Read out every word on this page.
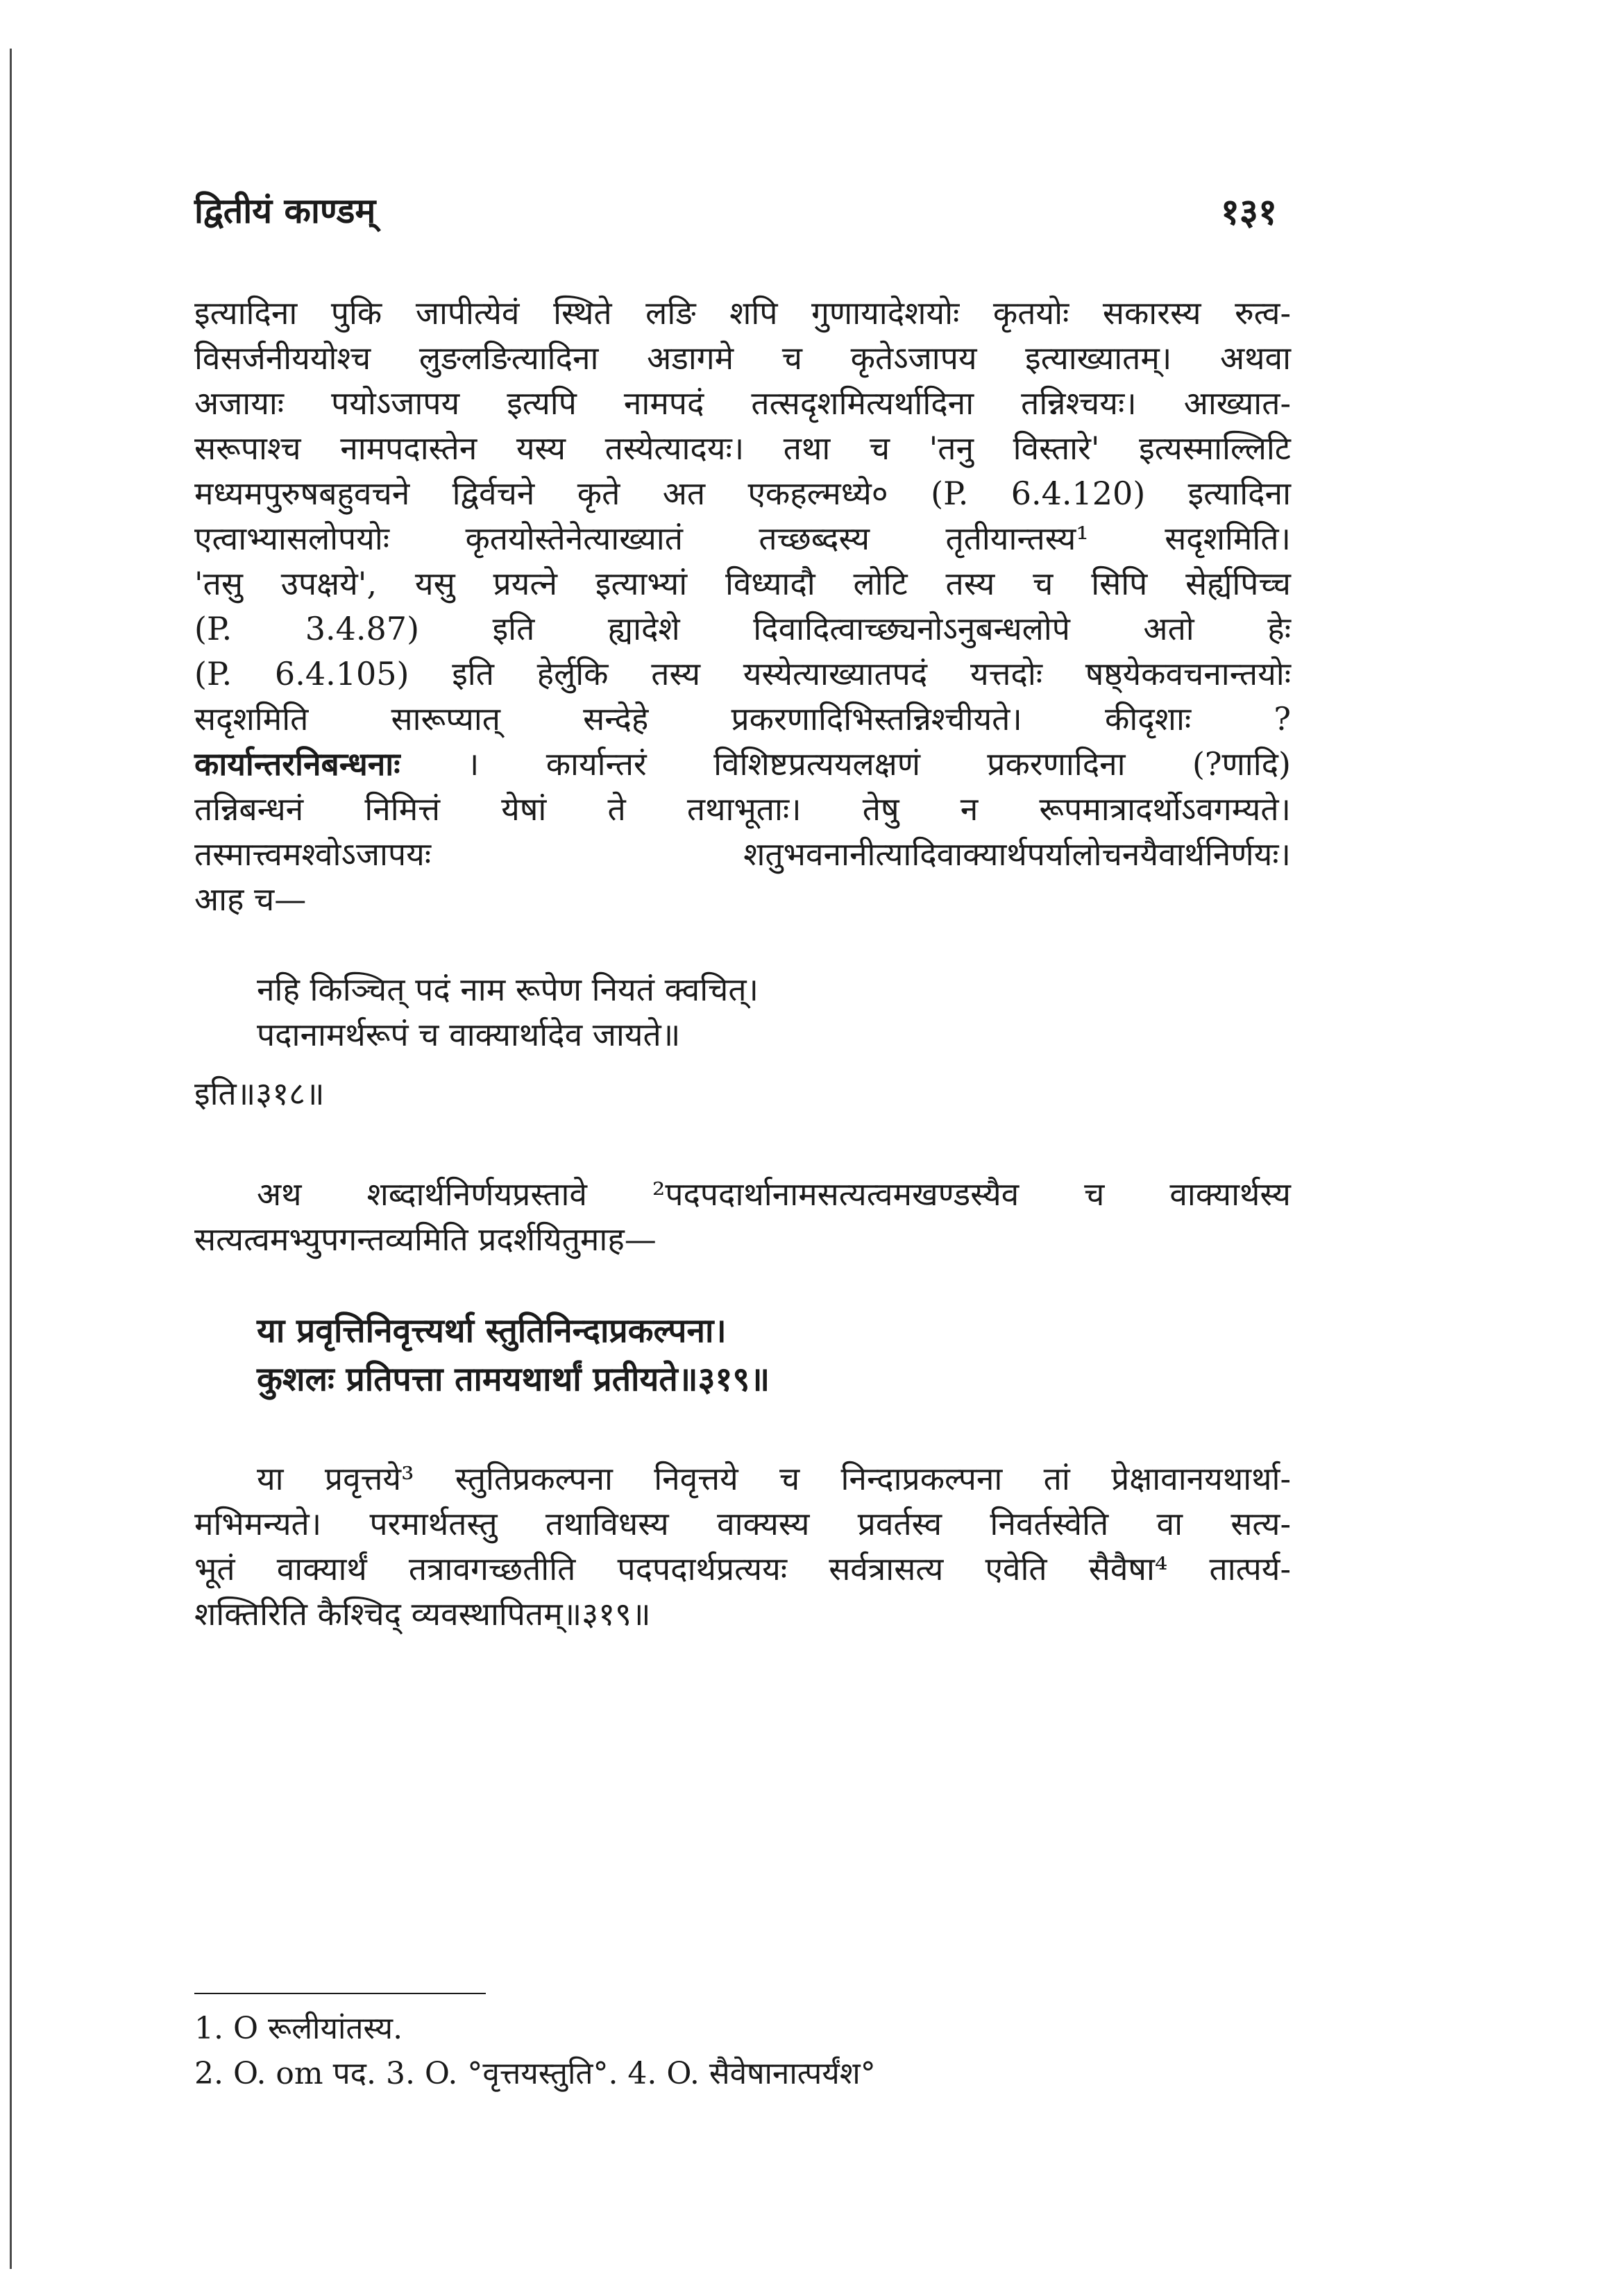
द्वितीयं काण्डम्	१३१
इत्यादिना पुकि जापीत्येवं स्थिते लङि शपि गुणायादेशयोः कृतयोः सकारस्य रुत्व-
विसर्जनीययोश्च लुङलङित्यादिना अडागमे च कृतेऽजापय इत्याख्यातम्। अथवा
अजायाः पयोऽजापय इत्यपि नामपदं तत्सदृशमित्यर्थादिना तन्निश्चयः। आख्यात-
सरूपाश्च नामपदास्तेन यस्य तस्येत्यादयः। तथा च 'तनु विस्तारे' इत्यस्माल्लिटि
मध्यमपुरुषबहुवचने द्विर्वचने कृते अत एकहल्मध्ये० (P. 6.4.120) इत्यादिना
एत्वाभ्यासलोपयोः कृतयोस्तेनेत्याख्यातं तच्छब्दस्य तृतीयान्तस्य¹ सदृशमिति।
'तसु उपक्षये', यसु प्रयत्ने इत्याभ्यां विध्यादौ लोटि तस्य च सिपि सेर्ह्यपिच्च
(P. 3.4.87) इति ह्यादेशे दिवादित्वाच्छ्यनोऽनुबन्धलोपे अतो हेः
(P. 6.4.105) इति हेर्लुकि तस्य यस्येत्याख्यातपदं यत्तदोः षष्ठ्येकवचनान्तयोः
सदृशमिति सारूप्यात् सन्देहे प्रकरणादिभिस्तन्निश्चीयते। कीदृशाः ?
कार्यान्तरनिबन्धनाः । कार्यान्तरं विशिष्टप्रत्ययलक्षणं प्रकरणादिना (?णादि)
तन्निबन्धनं निमित्तं येषां ते तथाभूताः। तेषु न रूपमात्रादर्थोऽवगम्यते।
तस्मात्त्वमश्वोऽजापयः शतुभवनानीत्यादिवाक्यार्थपर्यालोचनयैवार्थनिर्णयः।
आह च—
नहि किञ्चित् पदं नाम रूपेण नियतं क्वचित्।
पदानामर्थरूपं च वाक्यार्थादेव जायते॥
इति॥३१८॥
अथ शब्दार्थनिर्णयप्रस्तावे ²पदपदार्थानामसत्यत्वमखण्डस्यैव च वाक्यार्थस्य
सत्यत्वमभ्युपगन्तव्यमिति प्रदर्शयितुमाह—
या प्रवृत्तिनिवृत्त्यर्था स्तुतिनिन्दाप्रकल्पना।
कुशलः प्रतिपत्ता तामयथार्थां प्रतीयते॥३१९॥
या प्रवृत्तये³ स्तुतिप्रकल्पना निवृत्तये च निन्दाप्रकल्पना तां प्रेक्षावानयथार्था-
मभिमन्यते। परमार्थतस्तु तथाविधस्य वाक्यस्य प्रवर्तस्व निवर्तस्वेति वा सत्य-
भूतं वाक्यार्थं तत्रावगच्छतीति पदपदार्थप्रत्ययः सर्वत्रासत्य एवेति सैवैषा⁴ तात्पर्य-
शक्तिरिति कैश्चिद् व्यवस्थापितम्॥३१९॥
1. O रूलीयांतस्य.
2. O. om पद. 3. O. °वृत्तयस्तुति°. 4. O. सैवेषानात्पर्यंश°
